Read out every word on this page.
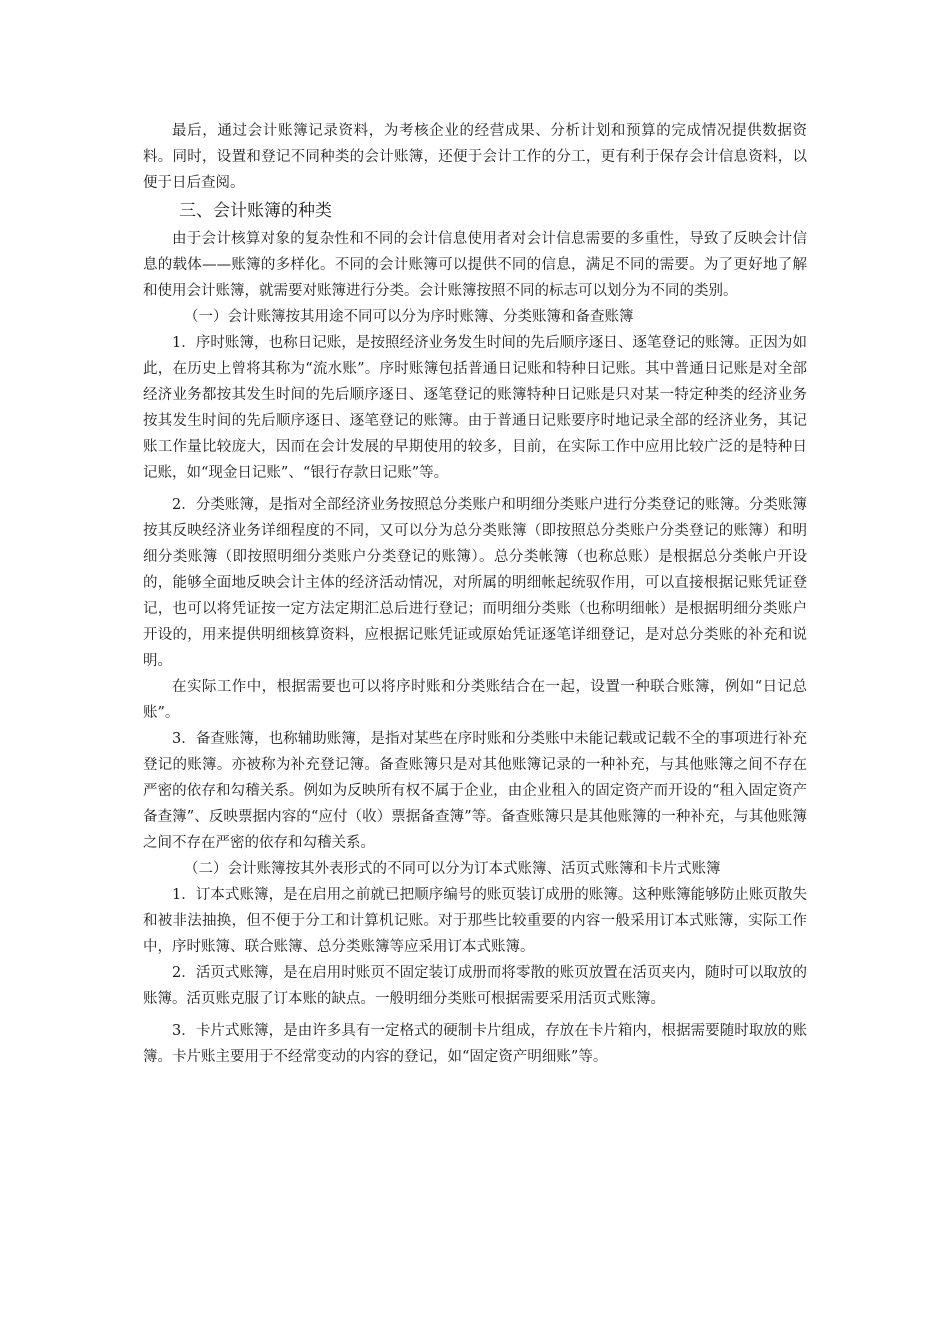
最后，通过会计账簿记录资料，为考核企业的经营成果、分析计划和预算的完成情况提供数据资料。同时，设置和登记不同种类的会计账簿，还便于会计工作的分工，更有利于保存会计信息资料，以便于日后查阅。

三、会计账簿的种类

由于会计核算对象的复杂性和不同的会计信息使用者对会计信息需要的多重性，导致了反映会计信息的载体——账簿的多样化。不同的会计账簿可以提供不同的信息，满足不同的需要。为了更好地了解和使用会计账簿，就需要对账簿进行分类。会计账簿按照不同的标志可以划分为不同的类别。

（一）会计账簿按其用途不同可以分为序时账簿、分类账簿和备查账簿

1．序时账簿，也称日记账，是按照经济业务发生时间的先后顺序逐日、逐笔登记的账簿。正因为如此，在历史上曾将其称为“流水账”。序时账簿包括普通日记账和特种日记账。其中普通日记账是对全部经济业务都按其发生时间的先后顺序逐日、逐笔登记的账簿特种日记账是只对某一特定种类的经济业务按其发生时间的先后顺序逐日、逐笔登记的账簿。由于普通日记账要序时地记录全部的经济业务，其记账工作量比较庞大，因而在会计发展的早期使用的较多，目前，在实际工作中应用比较广泛的是特种日记账，如“现金日记账”、“银行存款日记账”等。

2．分类账簿，是指对全部经济业务按照总分类账户和明细分类账户进行分类登记的账簿。分类账簿按其反映经济业务详细程度的不同，又可以分为总分类账簿（即按照总分类账户分类登记的账簿）和明细分类账簿（即按照明细分类账户分类登记的账簿）。总分类帐簿（也称总账）是根据总分类帐户开设的，能够全面地反映会计主体的经济活动情况，对所属的明细帐起统驭作用，可以直接根据记账凭证登记，也可以将凭证按一定方法定期汇总后进行登记；而明细分类账（也称明细帐）是根据明细分类账户开设的，用来提供明细核算资料，应根据记账凭证或原始凭证逐笔详细登记，是对总分类账的补充和说明。

在实际工作中，根据需要也可以将序时账和分类账结合在一起，设置一种联合账簿，例如“日记总账”。

3．备查账簿，也称辅助账簿，是指对某些在序时账和分类账中未能记载或记载不全的事项进行补充登记的账簿。亦被称为补充登记簿。备查账簿只是对其他账簿记录的一种补充，与其他账簿之间不存在严密的依存和勾稽关系。例如为反映所有权不属于企业，由企业租入的固定资产而开设的“租入固定资产备查簿”、反映票据内容的“应付（收）票据备查簿”等。备查账簿只是其他账簿的一种补充，与其他账簿之间不存在严密的依存和勾稽关系。

（二）会计账簿按其外表形式的不同可以分为订本式账簿、活页式账簿和卡片式账簿

1．订本式账簿，是在启用之前就已把顺序编号的账页装订成册的账簿。这种账簿能够防止账页散失和被非法抽换，但不便于分工和计算机记账。对于那些比较重要的内容一般采用订本式账簿，实际工作中，序时账簿、联合账簿、总分类账簿等应采用订本式账簿。

2．活页式账簿，是在启用时账页不固定装订成册而将零散的账页放置在活页夹内，随时可以取放的账簿。活页账克服了订本账的缺点。一般明细分类账可根据需要采用活页式账簿。

3．卡片式账簿，是由许多具有一定格式的硬制卡片组成，存放在卡片箱内，根据需要随时取放的账簿。卡片账主要用于不经常变动的内容的登记，如“固定资产明细账”等。
